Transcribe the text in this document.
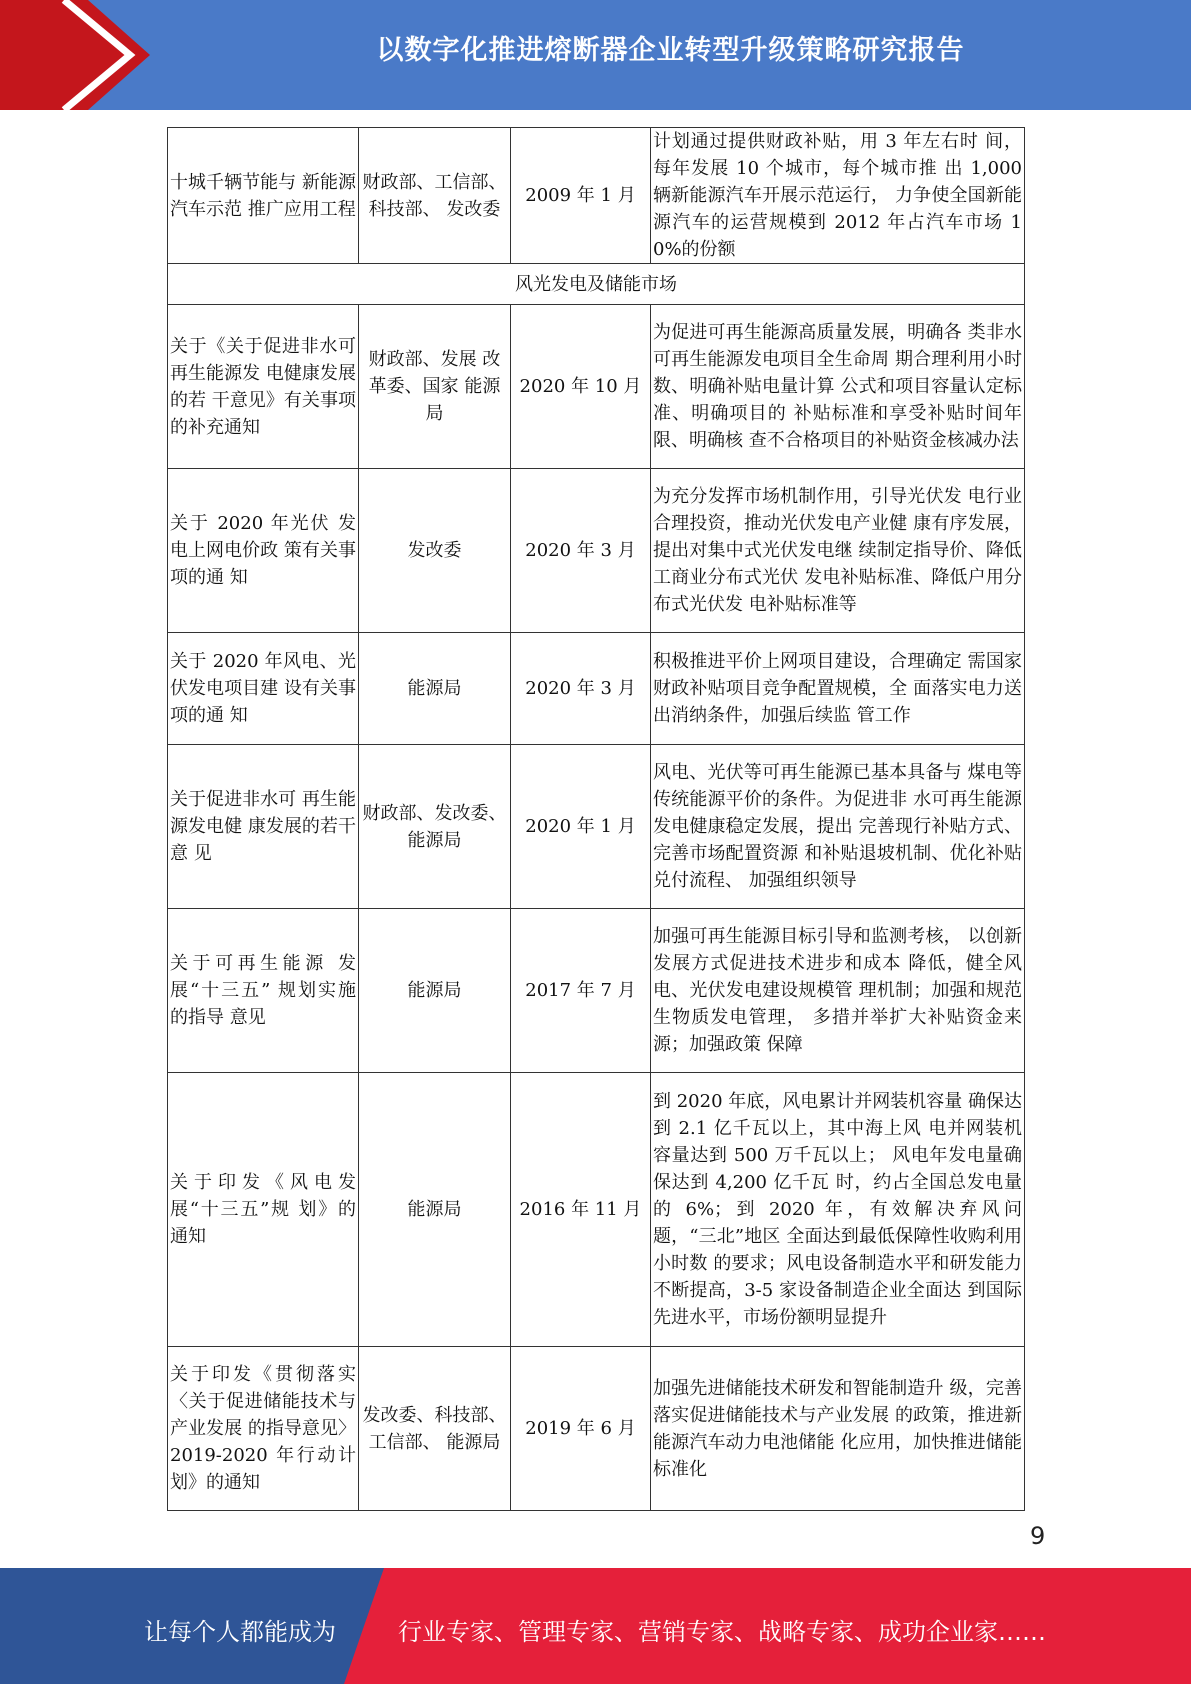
以数字化推进熔断器企业转型升级策略研究报告
十城千辆节能与 新能源汽车示范 推广应用工程	财政部、工信部、科技部、 发改委	2009 年 1 月	计划通过提供财政补贴，用 3 年左右时 间，每年发展 10 个城市，每个城市推 出 1,000 辆新能源汽车开展示范运行， 力争使全国新能源汽车的运营规模到 2012 年占汽车市场 10%的份额
风光发电及储能市场			
关于《关于促进非水可再生能源发 电健康发展的若 干意见》有关事项 的补充通知	财政部、发展 改革委、国家 能源局	2020 年 10 月	为促进可再生能源高质量发展，明确各 类非水可再生能源发电项目全生命周 期合理利用小时数、明确补贴电量计算 公式和项目容量认定标准、明确项目的 补贴标准和享受补贴时间年限、明确核 查不合格项目的补贴资金核减办法
关于 2020 年光伏 发电上网电价政 策有关事项的通 知	发改委	2020 年 3 月	为充分发挥市场机制作用，引导光伏发 电行业合理投资，推动光伏发电产业健 康有序发展，提出对集中式光伏发电继 续制定指导价、降低工商业分布式光伏 发电补贴标准、降低户用分布式光伏发 电补贴标准等
关于 2020 年风电、光伏发电项目建 设有关事项的通 知	能源局	2020 年 3 月	积极推进平价上网项目建设，合理确定 需国家财政补贴项目竞争配置规模，全 面落实电力送出消纳条件，加强后续监 管工作
关于促进非水可 再生能源发电健 康发展的若干意 见	财政部、发改委、能源局	2020 年 1 月	风电、光伏等可再生能源已基本具备与 煤电等传统能源平价的条件。为促进非 水可再生能源发电健康稳定发展，提出 完善现行补贴方式、完善市场配置资源 和补贴退坡机制、优化补贴兑付流程、 加强组织领导
关于可再生能源 发展“十三五” 规划实施的指导 意见	能源局	2017 年 7 月	加强可再生能源目标引导和监测考核， 以创新发展方式促进技术进步和成本 降低，健全风电、光伏发电建设规模管 理机制；加强和规范生物质发电管理， 多措并举扩大补贴资金来源；加强政策 保障
关于印发《风电发展“十三五”规 划》的通知	能源局	2016 年 11 月	到 2020 年底，风电累计并网装机容量 确保达到 2.1 亿千瓦以上，其中海上风 电并网装机容量达到 500 万千瓦以上； 风电年发电量确保达到 4,200 亿千瓦 时，约占全国总发电量的 6%；到 2020 年，有效解决弃风问题，“三北”地区 全面达到最低保障性收购利用小时数 的要求；风电设备制造水平和研发能力 不断提高，3-5 家设备制造企业全面达 到国际先进水平，市场份额明显提升
关于印发《贯彻落实〈关于促进储能技术与产业发展 的指导意见〉 2019-2020 年行动计划》的通知	发改委、科技部、工信部、 能源局	2019 年 6 月	加强先进储能技术研发和智能制造升 级，完善落实促进储能技术与产业发展 的政策，推进新能源汽车动力电池储能 化应用，加快推进储能标准化
9
让每个人都能成为	行业专家、管理专家、营销专家、战略专家、成功企业家……
